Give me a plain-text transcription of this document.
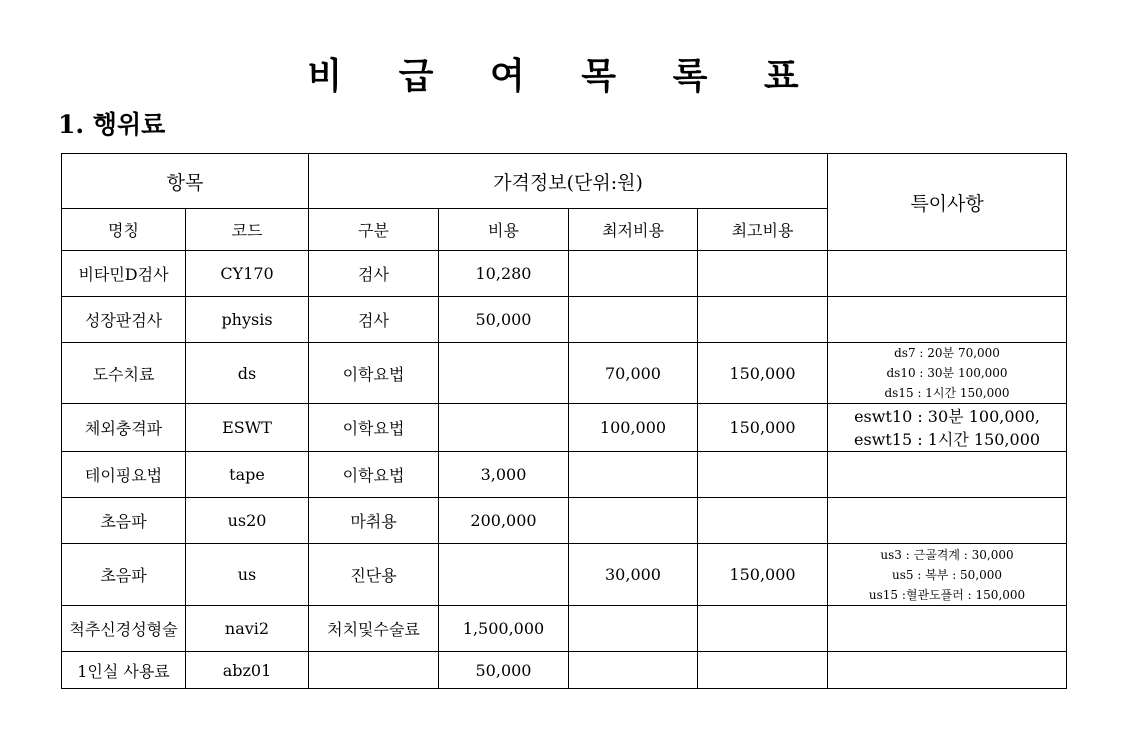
비 급 여 목 록 표
1. 행위료
항목		가격정보(단위:원)				특이사항
명칭	코드	구분	비용	최저비용	최고비용	
비타민D검사	CY170	검사	10,280			
성장판검사	physis	검사	50,000			
도수치료	ds	이학요법		70,000	150,000	ds7 : 20분 70,000
ds10 : 30분 100,000
ds15 : 1시간 150,000

체외충격파	ESWT	이학요법		100,000	150,000	eswt10 : 30분 100,000,
eswt15 : 1시간 150,000

테이핑요법	tape	이학요법	3,000			
초음파	us20	마취용	200,000			
초음파	us	진단용		30,000	150,000	us3 : 근골격계 : 30,000
us5 : 복부 : 50,000
us15 :혈관도플러 : 150,000

척추신경성형술	navi2	처치및수술료	1,500,000			
1인실 사용료	abz01		50,000			
